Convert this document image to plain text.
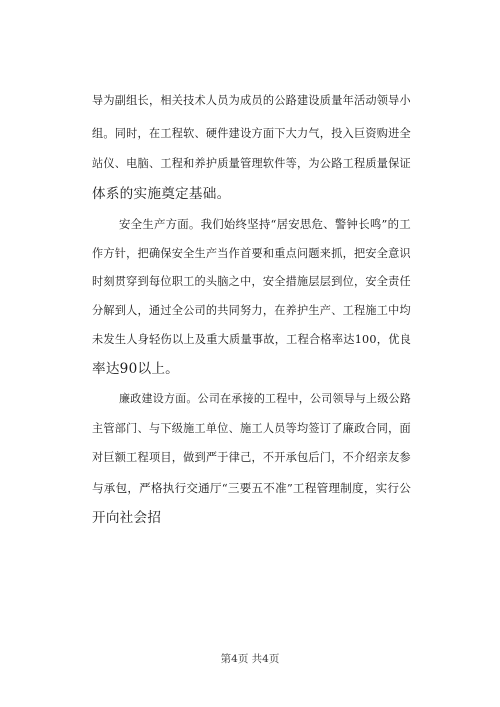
导为副组长，相关技术人员为成员的公路建设质量年活动领导小
组。同时，在工程软、硬件建设方面下大力气，投入巨资购进全
站仪、电脑、工程和养护质量管理软件等，为公路工程质量保证
体系的实施奠定基础。
安全生产方面。我们始终坚持“居安思危、警钟长鸣”的工
作方针，把确保安全生产当作首要和重点问题来抓，把安全意识
时刻贯穿到每位职工的头脑之中，安全措施层层到位，安全责任
分解到人，通过全公司的共同努力，在养护生产、工程施工中均
未发生人身轻伤以上及重大质量事故，工程合格率达100，优良
率达90以上。
廉政建设方面。公司在承接的工程中，公司领导与上级公路
主管部门、与下级施工单位、施工人员等均签订了廉政合同，面
对巨额工程项目，做到严于律己，不开承包后门，不介绍亲友参
与承包，严格执行交通厅“三要五不准”工程管理制度，实行公
开向社会招
第4页 共4页
